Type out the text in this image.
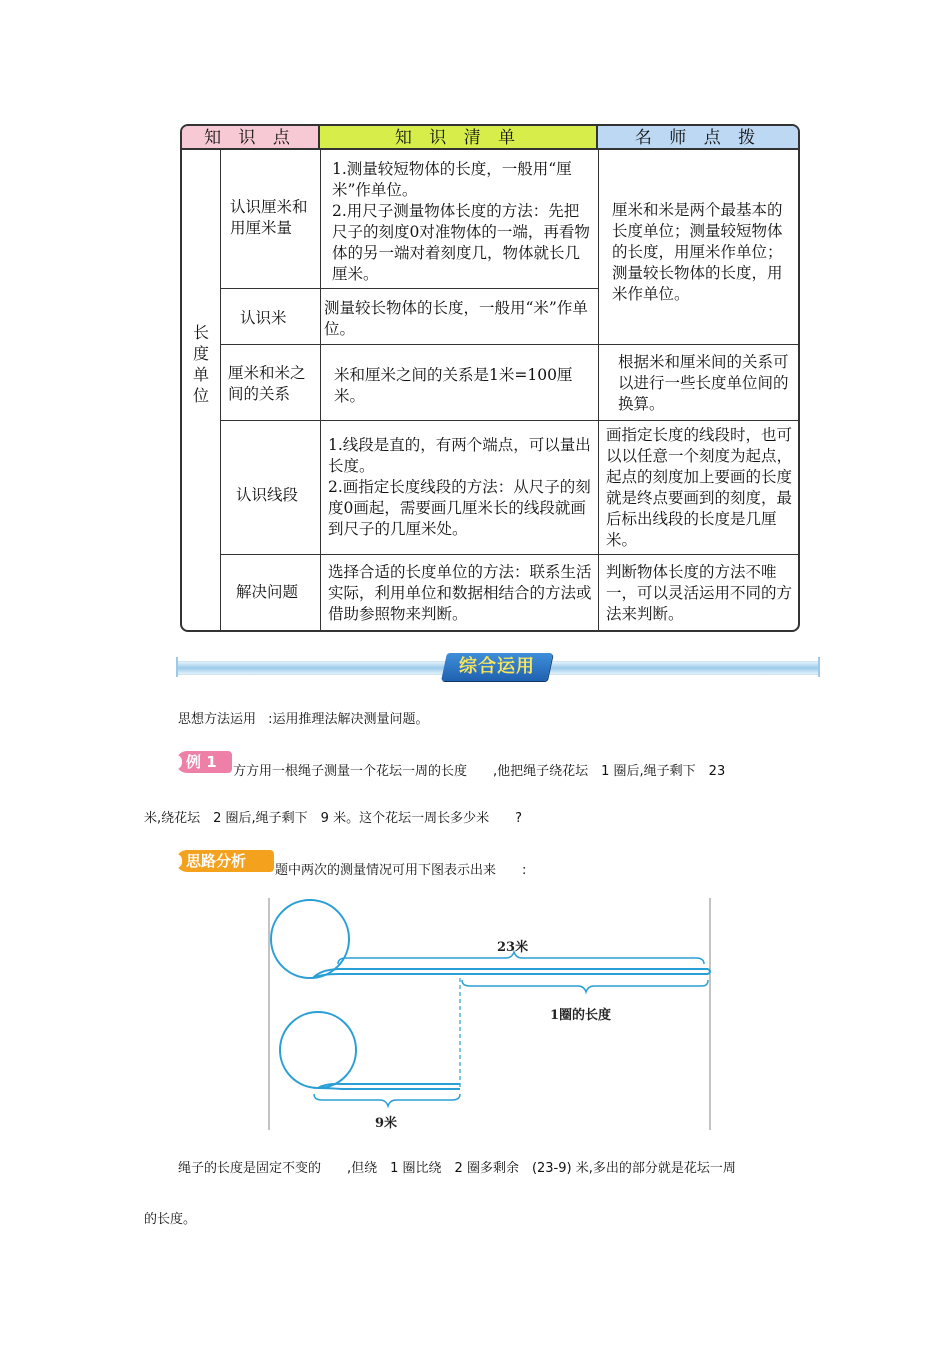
知 识 点	知 识 清 单	名 师 点 拨
长度单位
认识厘米和用厘米量
1.测量较短物体的长度，一般用“厘米”作单位。
2.用尺子测量物体长度的方法：先把尺子的刻度0对准物体的一端，再看物体的另一端对着刻度几，物体就长几厘米。
认识米
测量较长物体的长度，一般用“米”作单位。
厘米和米是两个最基本的长度单位；测量较短物体的长度，用厘米作单位；测量较长物体的长度，用米作单位。
厘米和米之间的关系
米和厘米之间的关系是1米=100厘米。
根据米和厘米间的关系可以进行一些长度单位间的换算。
认识线段
1.线段是直的，有两个端点，可以量出长度。
2.画指定长度线段的方法：从尺子的刻度0画起，需要画几厘米长的线段就画到尺子的几厘米处。
画指定长度的线段时，也可以以任意一个刻度为起点，起点的刻度加上要画的长度就是终点要画到的刻度，最后标出线段的长度是几厘米。
解决问题
选择合适的长度单位的方法：联系生活实际，利用单位和数据相结合的方法或借助参照物来判断。
判断物体长度的方法不唯一，可以灵活运用不同的方法来判断。
综合运用
思想方法运用 :运用推理法解决测量问题。
例 1
方方用一根绳子测量一个花坛一周的长度　　,他把绳子绕花坛　1 圈后,绳子剩下　23
米,绕花坛　2 圈后,绳子剩下　9 米。这个花坛一周长多少米　　?
思路分析
题中两次的测量情况可用下图表示出来　　:
23米
1圈的长度
9米
绳子的长度是固定不变的　　,但绕　1 圈比绕　2 圈多剩余　(23-9) 米,多出的部分就是花坛一周
的长度。
